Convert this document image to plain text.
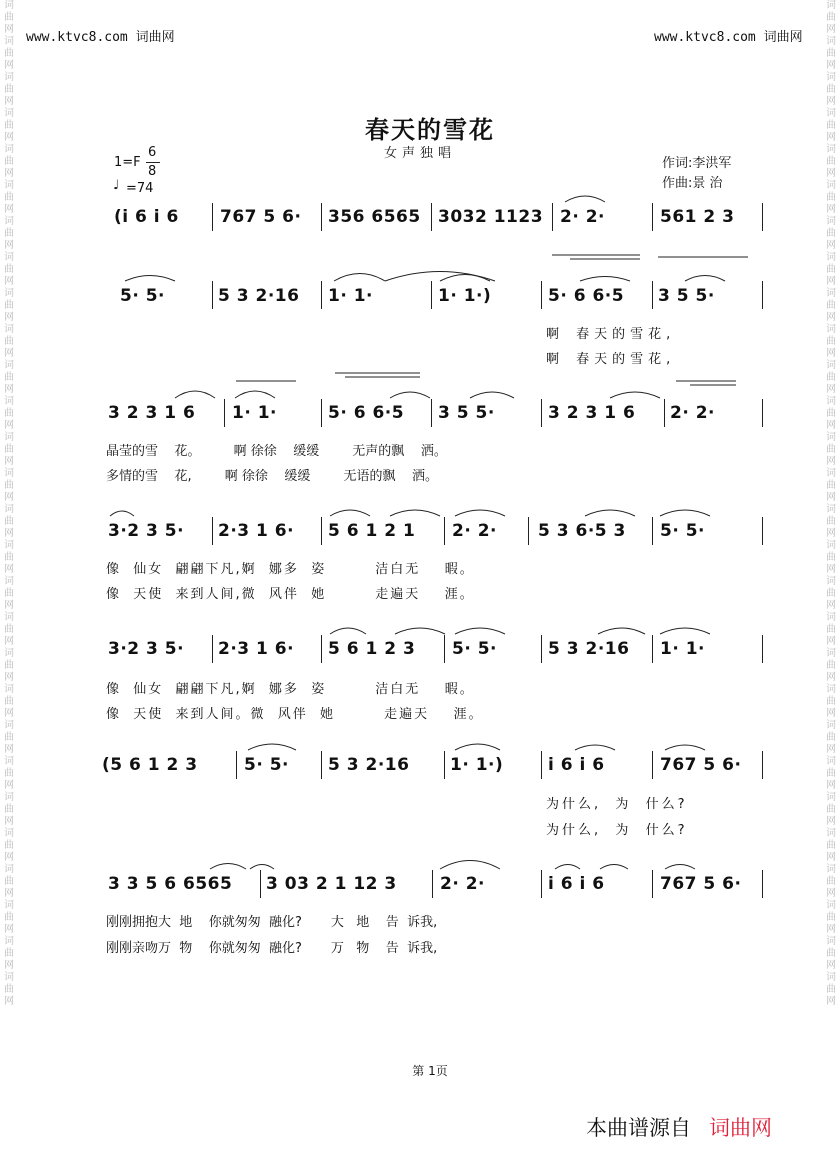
www.ktvc8.com 词曲网	www.ktvc8.com 词曲网
词曲网词曲网词曲网词曲网词曲网词曲网词曲网词曲网词曲网词曲网词曲网词曲网词曲网词曲网词曲网词曲网词曲网词曲网词曲网词曲网词曲网词曲网词曲网词曲网词曲网词曲网词曲网词曲网
词曲网词曲网词曲网词曲网词曲网词曲网词曲网词曲网词曲网词曲网词曲网词曲网词曲网词曲网词曲网词曲网词曲网词曲网词曲网词曲网词曲网词曲网词曲网词曲网词曲网词曲网词曲网词曲网
春天的雪花
女声独唱
1=F
6
8
♩ =74
作词:李洪军
作曲:景 治
(i 6 i 6 767 5 6· 356 6565 3032 1123 2· 2·	561 2 3
5· 5·	5 3 2·16 1· 1·	1· 1·)	5· 6 6·5 3 5 5·
啊 春天的雪花,
啊 春天的雪花,
3 2 3 1 6 1· 1·	5· 6 6·5 3 5 5·	3 2 3 1 6 2· 2·
晶莹的雪    花。        啊 徐徐    缓缓        无声的飘    洒。
多情的雪    花,        啊 徐徐    缓缓        无语的飘    洒。
3·2 3 5· 2·3 1 6· 5 6 1 2 1 2· 2· 5 3 6·5 3 5· 5·
像  仙女  翩翩下凡,婀  娜多  姿        洁白无    暇。
像  天使  来到人间,微  风伴  她        走遍天    涯。
3·2 3 5· 2·3 1 6· 5 6 1 2 3 5· 5·	5 3 2·16 1· 1·
像  仙女  翩翩下凡,婀  娜多  姿        洁白无    暇。
像  天使  来到人间。微  风伴  她        走遍天    涯。
(5 6 1 2 3	5· 5· 5 3 2·16 1· 1·)	i 6 i 6	767 5 6·
为什么,  为  什么?
为什么,  为  什么?
3 3 5 6 6565 3 03 2 1 12 3	2· 2·	i 6 i 6	767 5 6·
刚刚拥抱大  地    你就匆匆  融化?       大   地    告  诉我,
刚刚亲吻万  物    你就匆匆  融化?       万   物    告  诉我,
第 1页
本曲谱源自 词曲网
